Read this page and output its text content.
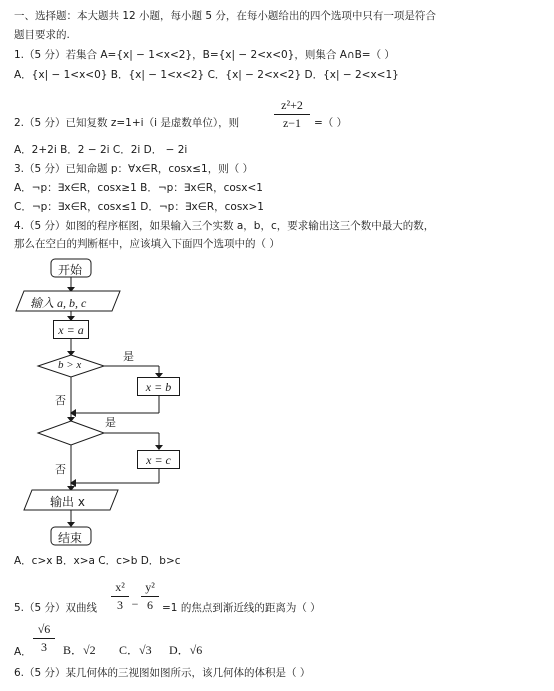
一、选择题：本大题共 12 小题，每小题 5 分，在每小题给出的四个选项中只有一项是符合
题目要求的.
1.（5 分）若集合 A={x| − 1<x<2}，B={x| − 2<x<0}，则集合 A∩B=（ ）
A．{x| − 1<x<0} B．{x| − 1<x<2} C．{x| − 2<x<2} D．{x| − 2<x<1}
2.（5 分）已知复数 z=1+i（i 是虚数单位），则
z²+2
z−1	=（ ）
A．2+2i B．2 − 2i C．2i D． − 2i
3.（5 分）已知命题 p：∀x∈R，cosx≤1，则（ ）
A．¬p：∃x∈R，cosx≥1 B．¬p：∃x∈R，cosx<1
C．¬p：∃x∈R，cosx≤1 D．¬p：∃x∈R，cosx>1
4.（5 分）如图的程序框图，如果输入三个实数 a，b，c，要求输出这三个数中最大的数，
那么在空白的判断框中，应该填入下面四个选项中的（ ）
开始
输入 a, b, c
x = a
b > x
是
x = b
否
是
x = c
否
输出 x
结束
A．c>x B．x>a C．c>b D．b>c
5.（5 分）双曲线
x²
3 −
y²
6 =1 的焦点到渐近线的距离为（ ）
A．
√6
3	B．√2 C．√3 D．√6
6.（5 分）某几何体的三视图如图所示，该几何体的体积是（ ）
